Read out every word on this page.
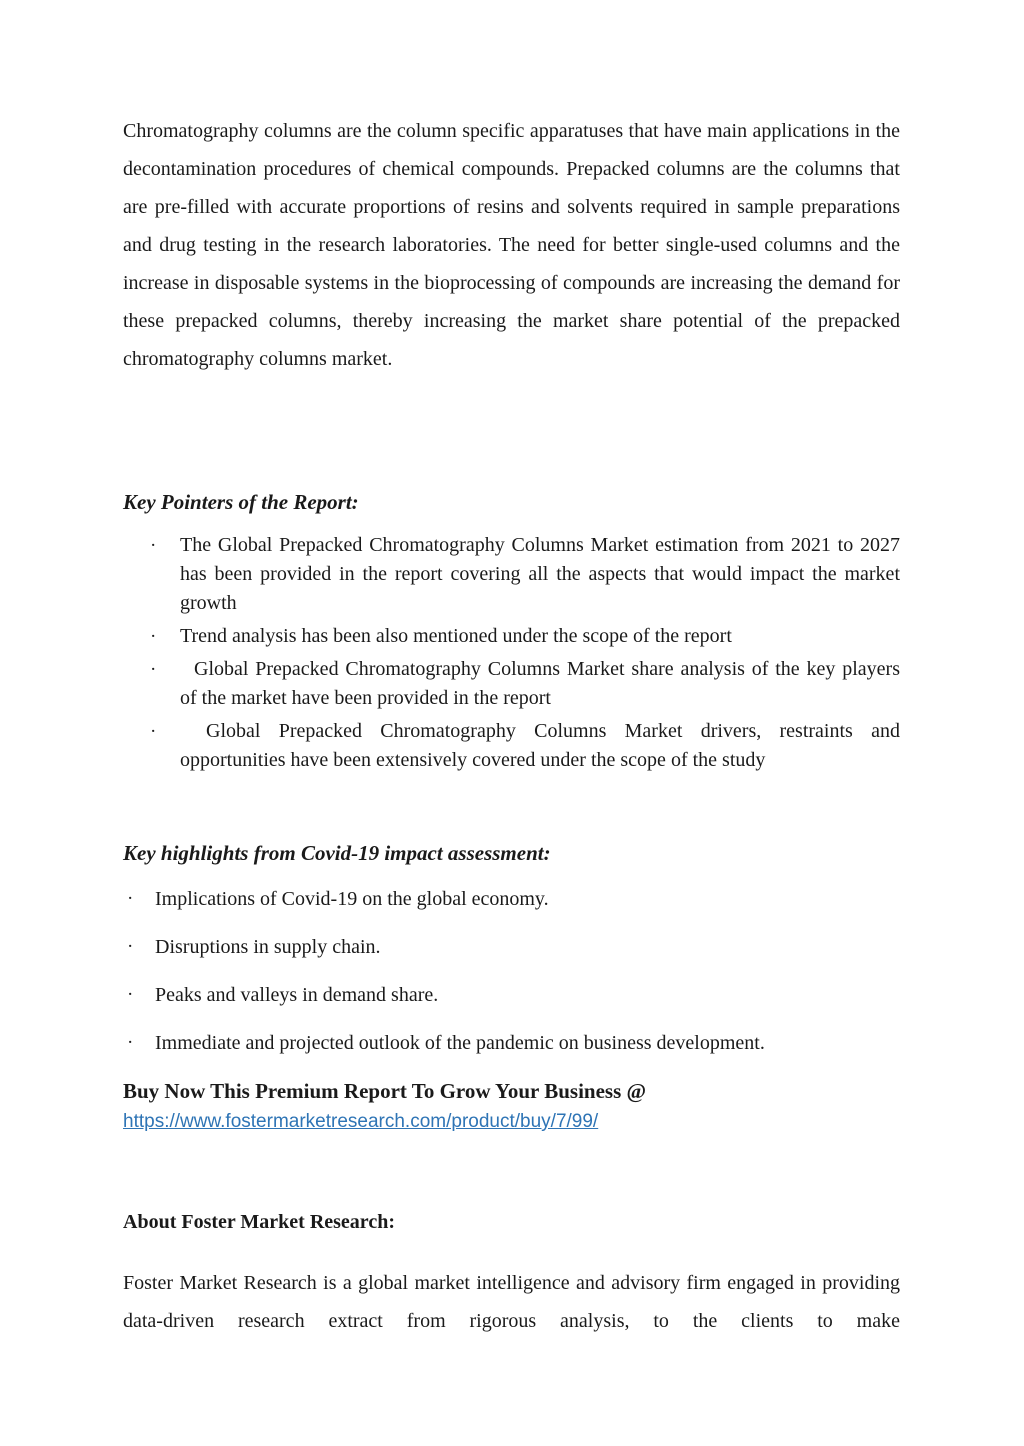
Chromatography columns are the column specific apparatuses that have main applications in the decontamination procedures of chemical compounds. Prepacked columns are the columns that are pre-filled with accurate proportions of resins and solvents required in sample preparations and drug testing in the research laboratories. The need for better single-used columns and the increase in disposable systems in the bioprocessing of compounds are increasing the demand for these prepacked columns, thereby increasing the market share potential of the prepacked chromatography columns market.

Key Pointers of the Report:
·	The Global Prepacked Chromatography Columns Market estimation from 2021 to 2027 has been provided in the report covering all the aspects that would impact the market growth
·	Trend analysis has been also mentioned under the scope of the report
·	Global Prepacked Chromatography Columns Market share analysis of the key players of the market have been provided in the report
·	Global Prepacked Chromatography Columns Market drivers, restraints and opportunities have been extensively covered under the scope of the study
Key highlights from Covid-19 impact assessment:
·	Implications of Covid-19 on the global economy.
·	Disruptions in supply chain.
·	Peaks and valleys in demand share.
·	Immediate and projected outlook of the pandemic on business development.
Buy Now This Premium Report To Grow Your Business @
https://www.fostermarketresearch.com/product/buy/7/99/
About Foster Market Research:

Foster Market Research is a global market intelligence and advisory firm engaged in providing data-driven research extract from rigorous analysis, to the clients to make
